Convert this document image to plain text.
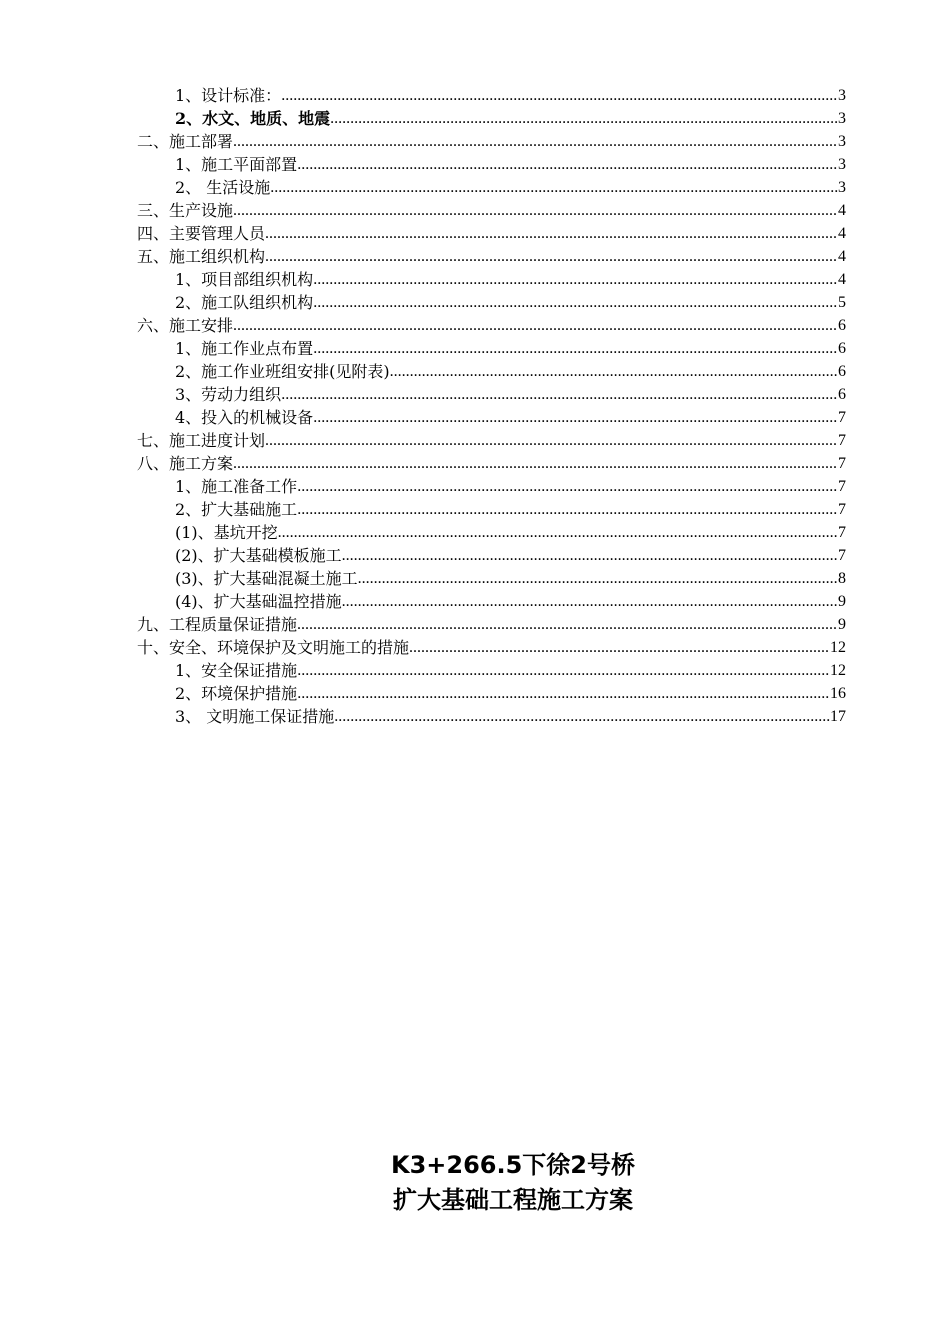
1、设计标准： .....	3
2、水文、地质、地震 .....	3
二、施工部署 .....	3
1、施工平面部置 .....	3
2、 生活设施 .....	3
三、生产设施 .....	4
四、主要管理人员 .....	4
五、施工组织机构 .....	4
1、项目部组织机构 .....	4
2、施工队组织机构 .....	5
六、施工安排 .....	6
1、施工作业点布置 .....	6
2、施工作业班组安排(见附表) .....	6
3、劳动力组织 .....	6
4、投入的机械设备 .....	7
七、施工进度计划 .....	7
八、施工方案 .....	7
1、施工准备工作 .....	7
2、扩大基础施工 .....	7
(1)、基坑开挖 .....	7
(2)、扩大基础模板施工 .....	7
(3)、扩大基础混凝土施工 .....	8
(4)、扩大基础温控措施 .....	9
九、工程质量保证措施 .....	9
十、安全、环境保护及文明施工的措施 .....	12
1、安全保证措施 .....	12
2、环境保护措施 .....	16
3、 文明施工保证措施 .....	17
K3+266.5下徐2号桥
扩大基础工程施工方案
